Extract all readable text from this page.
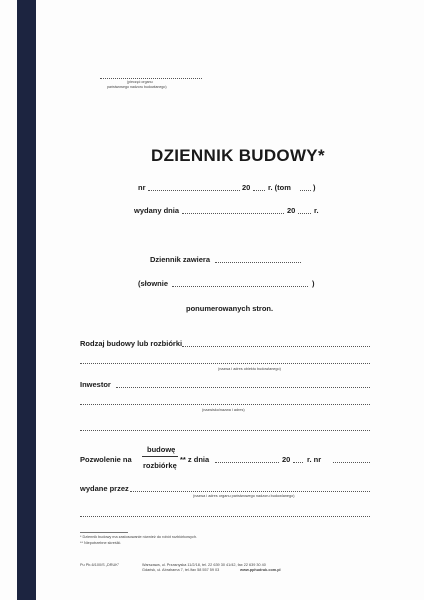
(pieczęć organu
państwowego nadzoru budowlanego)
DZIENNIK BUDOWY*
nr	20 r. (tom	)
wydany dnia	20 r.
Dziennik zawiera
(słownie	)
ponumerowanych stron.
Rodzaj budowy lub rozbiórki
(nazwa i adres obiektu budowlanego)
Inwestor
(nazwisko/nazwa i adres)
Pozwolenie na
budowę
rozbiórkę
** z dnia	20 r. nr
wydane przez
(nazwa i adres organu państwowego nadzoru budowlanego)
* Dziennik budowy ma zastosowanie również do robót rozbiórkowych.
** Niepotrzebne skreślić.
Pu Pb-6/100/S „DRUK”	Warszawa, ul. Przasnyska 11/2/18, tel. 22 639 30 41/42, fax 22 639 30 40
Gdańsk, ul. Abrahama 7, tel./fax 58 557 59 03	www.pphudruk.com.pl
